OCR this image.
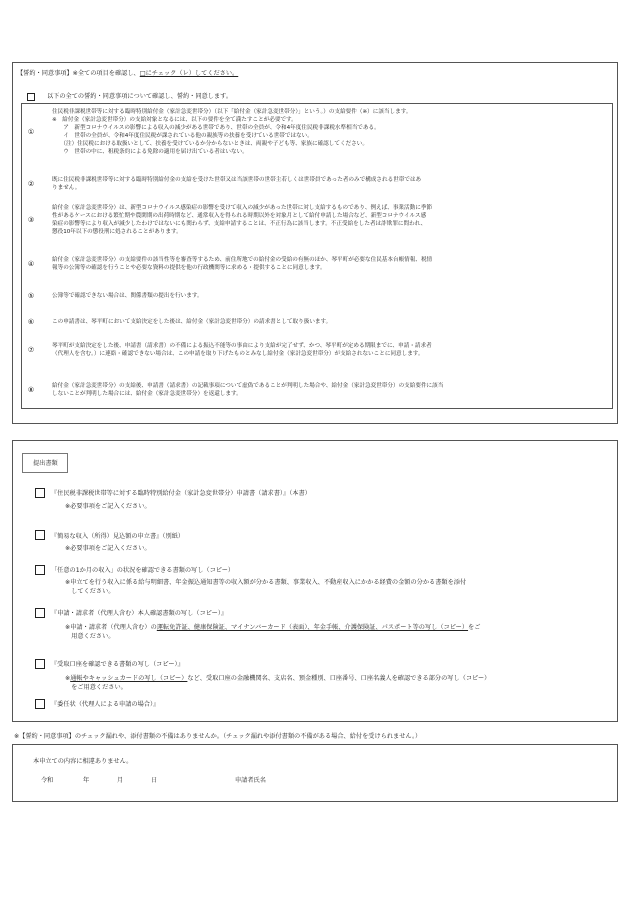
【誓約・同意事項】※全ての項目を確認し、□にチェック（レ）してください。
以下の全ての誓約・同意事項について確認し、誓約・同意します。
①
住民税非課税世帯等に対する臨時特別給付金（家計急変世帯分）（以下「給付金（家計急変世帯分）」という。）の支給要件（※）に該当します。
※　給付金（家計急変世帯分）の支給対象となるには、以下の要件を全て満たすことが必要です。
　　ア　新型コロナウイルスの影響による収入の減少がある世帯であり、世帯の全員が、令和4年度住民税非課税水準相当である。
　　イ　世帯の全員が、令和4年度住民税が課されている他の親族等の扶養を受けている世帯ではない。
　　（注）住民税における取扱いとして、扶養を受けているか分からないときは、両親や子ども等、家族に確認してください。
　　ウ　世帯の中に、租税条約による免除の適用を届け出ている者はいない。
②	既に住民税非課税世帯等に対する臨時特別給付金の支給を受けた世帯又は当該世帯の世帯主若しくは世帯員であった者のみで構成される世帯ではあ
りません。
③
給付金（家計急変世帯分）は、新型コロナウイルス感染症の影響を受けて収入の減少があった世帯に対し支給するものであり、例えば、事業活動に季節
性があるケースにおける繁忙期や農閑期の出荷時期など、通常収入を得られる時期以外を対象月として給付申請した場合など、新型コロナウイルス感
染症の影響等により収入が減少したわけではないにも関わらず、支給申請することは、不正行為に該当します。不正受給をした者は詐欺罪に問われ、
懲役10年以下の懲役刑に処されることがあります。
④	給付金（家計急変世帯分）の支給要件の該当性等を審査等するため、前住所地での給付金の受給の有無のほか、琴平町が必要な住民基本台帳情報、税情
報等の公簿等の確認を行うことや必要な資料の提供を他の行政機関等に求める・提供することに同意します。
⑤	公簿等で確認できない場合は、関係書類の提出を行います。
⑥	この申請書は、琴平町において支給決定をした後は、給付金（家計急変世帯分）の請求書として取り扱います。
⑦	琴平町が支給決定をした後、申請書（請求書）の不備による振込不能等の事由により支給が完了せず、かつ、琴平町が定める期限までに、申請・請求者
（代理人を含む。）に連絡・確認できない場合は、この申請を取り下げたものとみなし給付金（家計急変世帯分）が支給されないことに同意します。
⑧	給付金（家計急変世帯分）の支給後、申請書（請求書）の記載事項について虚偽であることが判明した場合や、給付金（家計急変世帯分）の支給要件に該当
しないことが判明した場合には、給付金（家計急変世帯分）を返還します。
提出書類
『住民税非課税世帯等に対する臨時特別給付金（家計急変世帯分）申請書（請求書）』（本書）
※必要事項をご記入ください。
『簡易な収入（所得）見込額の申立書』（別紙）
※必要事項をご記入ください。
「任意の1か月の収入」の状況を確認できる書類の写し（コピー）
※申立てを行う収入に係る給与明細書、年金振込通知書等の収入額が分かる書類、事業収入、不動産収入にかかる経費の金額の分かる書類を添付
　してください。
『申請・請求者（代理人含む）本人確認書類の写し（コピー）』
※申請・請求者（代理人含む）の運転免許証、健康保険証、マイナンバーカード（表面）、年金手帳、介護保険証、パスポート等の写し（コピー）をご
　用意ください。
『受取口座を確認できる書類の写し（コピー）』
※通帳やキャッシュカードの写し（コピー）など、受取口座の金融機関名、支店名、預金種別、口座番号、口座名義人を確認できる部分の写し（コピー）
　をご用意ください。
『委任状（代理人による申請の場合）』
※【誓約・同意事項】のチェック漏れや、添付書類の不備はありませんか。（チェック漏れや添付書類の不備がある場合、給付を受けられません。）
本申立ての内容に相違ありません。
令和	年	月	日	申請者氏名
